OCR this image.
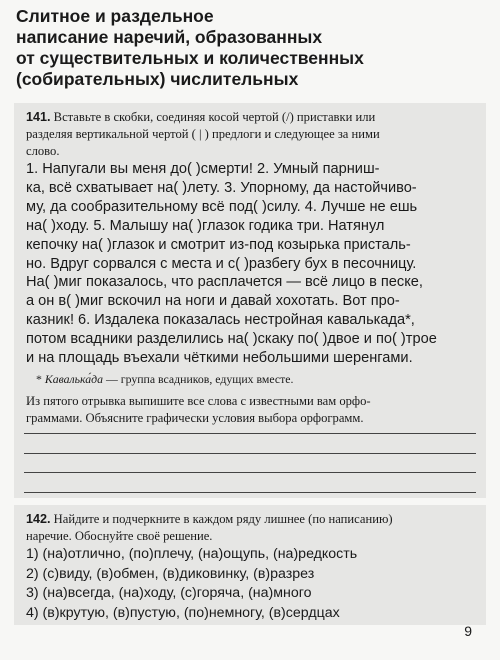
Слитное и раздельное
написание наречий, образованных
от существительных и количественных
(собирательных) числительных
141. Вставьте в скобки, соединяя косой чертой (/) приставки или
разделяя вертикальной чертой ( | ) предлоги и следующее за ними
слово.
1. Напугали вы меня до( )смерти! 2. Умный парниш-
ка, всё схватывает на( )лету. 3. Упорному, да настойчиво-
му, да сообразительному всё под( )силу. 4. Лучше не ешь
на( )ходу. 5. Малышу на( )глазок годика три. Натянул
кепочку на( )глазок и смотрит из-под козырька присталь-
но. Вдруг сорвался с места и с( )разбегу бух в песочницу.
На( )миг показалось, что расплачется — всё лицо в песке,
а он в( )миг вскочил на ноги и давай хохотать. Вот про-
казник! 6. Издалека показалась нестройная кавалькада*,
потом всадники разделились на( )скаку по( )двое и по( )трое
и на площадь въехали чёткими небольшими шеренгами.
* Кавалька́да — группа всадников, едущих вместе.
Из пятого отрывка выпишите все слова с известными вам орфо-
граммами. Объясните графически условия выбора орфограмм.
142. Найдите и подчеркните в каждом ряду лишнее (по написанию)
наречие. Обоснуйте своё решение.
1) (на)отлично, (по)плечу, (на)ощупь, (на)редкость
2) (с)виду, (в)обмен, (в)диковинку, (в)разрез
3) (на)всегда, (на)ходу, (с)горяча, (на)много
4) (в)крутую, (в)пустую, (по)немногу, (в)сердцах
9
